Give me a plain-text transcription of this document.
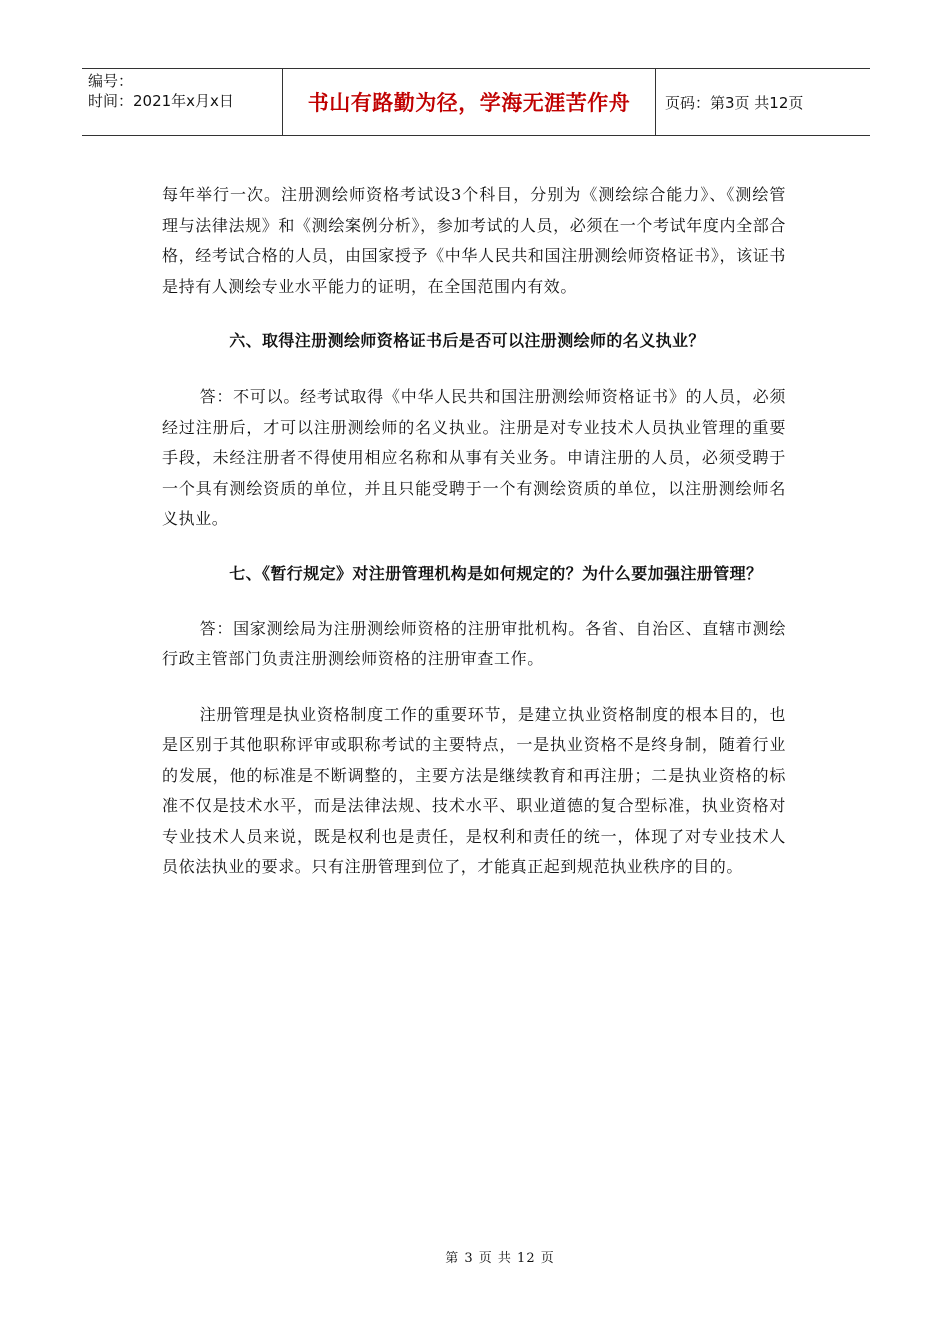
编号：
时间：2021年x月x日	书山有路勤为径，学海无涯苦作舟	页码：第3页 共12页

每年举行一次。注册测绘师资格考试设3个科目，分别为《测绘综合能力》、《测绘管理与法律法规》和《测绘案例分析》，参加考试的人员，必须在一个考试年度内全部合格，经考试合格的人员，由国家授予《中华人民共和国注册测绘师资格证书》，该证书是持有人测绘专业水平能力的证明，在全国范围内有效。

六、取得注册测绘师资格证书后是否可以注册测绘师的名义执业？

答：不可以。经考试取得《中华人民共和国注册测绘师资格证书》的人员，必须经过注册后，才可以注册测绘师的名义执业。注册是对专业技术人员执业管理的重要手段，未经注册者不得使用相应名称和从事有关业务。申请注册的人员，必须受聘于一个具有测绘资质的单位，并且只能受聘于一个有测绘资质的单位，以注册测绘师名义执业。

七、《暂行规定》对注册管理机构是如何规定的？为什么要加强注册管理？

答：国家测绘局为注册测绘师资格的注册审批机构。各省、自治区、直辖市测绘行政主管部门负责注册测绘师资格的注册审查工作。

注册管理是执业资格制度工作的重要环节，是建立执业资格制度的根本目的，也是区别于其他职称评审或职称考试的主要特点，一是执业资格不是终身制，随着行业的发展，他的标准是不断调整的，主要方法是继续教育和再注册；二是执业资格的标准不仅是技术水平，而是法律法规、技术水平、职业道德的复合型标准，执业资格对专业技术人员来说，既是权利也是责任，是权利和责任的统一，体现了对专业技术人员依法执业的要求。只有注册管理到位了，才能真正起到规范执业秩序的目的。

第 3 页 共 12 页
